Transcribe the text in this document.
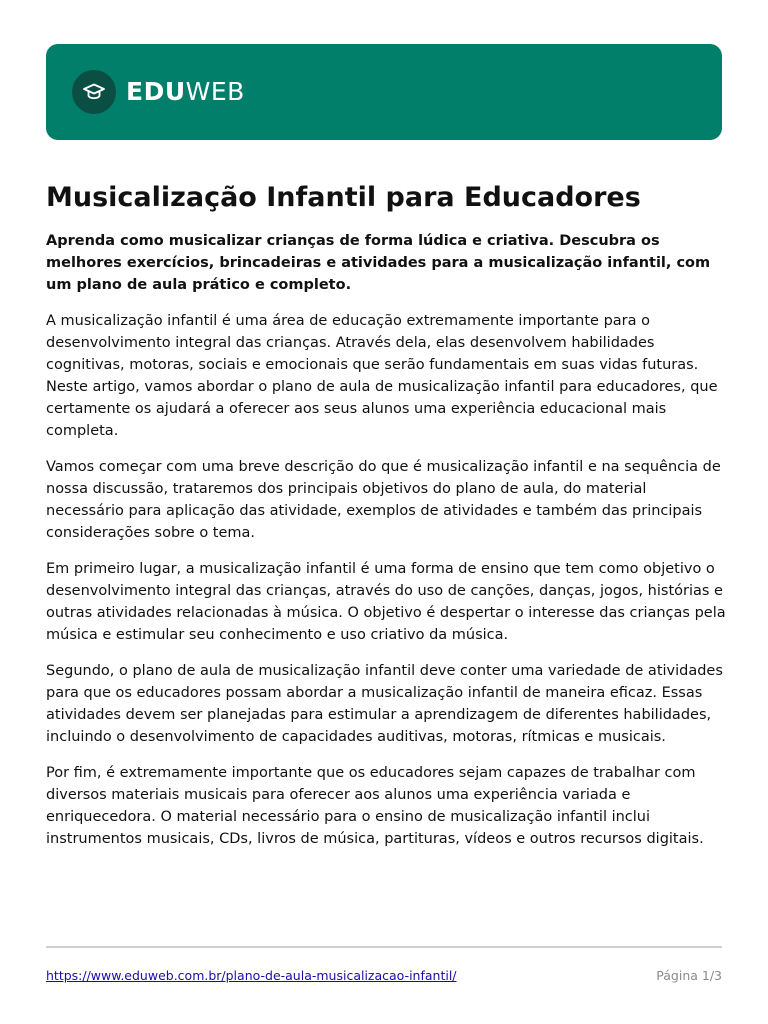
EDUWEB
Musicalização Infantil para Educadores

Aprenda como musicalizar crianças de forma lúdica e criativa. Descubra os melhores exercícios, brincadeiras e atividades para a musicalização infantil, com um plano de aula prático e completo.

A musicalização infantil é uma área de educação extremamente importante para o desenvolvimento integral das crianças. Através dela, elas desenvolvem habilidades cognitivas, motoras, sociais e emocionais que serão fundamentais em suas vidas futuras. Neste artigo, vamos abordar o plano de aula de musicalização infantil para educadores, que certamente os ajudará a oferecer aos seus alunos uma experiência educacional mais completa.

Vamos começar com uma breve descrição do que é musicalização infantil e na sequência de nossa discussão, trataremos dos principais objetivos do plano de aula, do material necessário para aplicação das atividade, exemplos de atividades e também das principais considerações sobre o tema.

Em primeiro lugar, a musicalização infantil é uma forma de ensino que tem como objetivo o desenvolvimento integral das crianças, através do uso de canções, danças, jogos, histórias e outras atividades relacionadas à música. O objetivo é despertar o interesse das crianças pela música e estimular seu conhecimento e uso criativo da música.

Segundo, o plano de aula de musicalização infantil deve conter uma variedade de atividades para que os educadores possam abordar a musicalização infantil de maneira eficaz. Essas atividades devem ser planejadas para estimular a aprendizagem de diferentes habilidades, incluindo o desenvolvimento de capacidades auditivas, motoras, rítmicas e musicais.

Por fim, é extremamente importante que os educadores sejam capazes de trabalhar com diversos materiais musicais para oferecer aos alunos uma experiência variada e enriquecedora. O material necessário para o ensino de musicalização infantil inclui instrumentos musicais, CDs, livros de música, partituras, vídeos e outros recursos digitais.

https://www.eduweb.com.br/plano-de-aula-musicalizacao-infantil/	Página 1/3
